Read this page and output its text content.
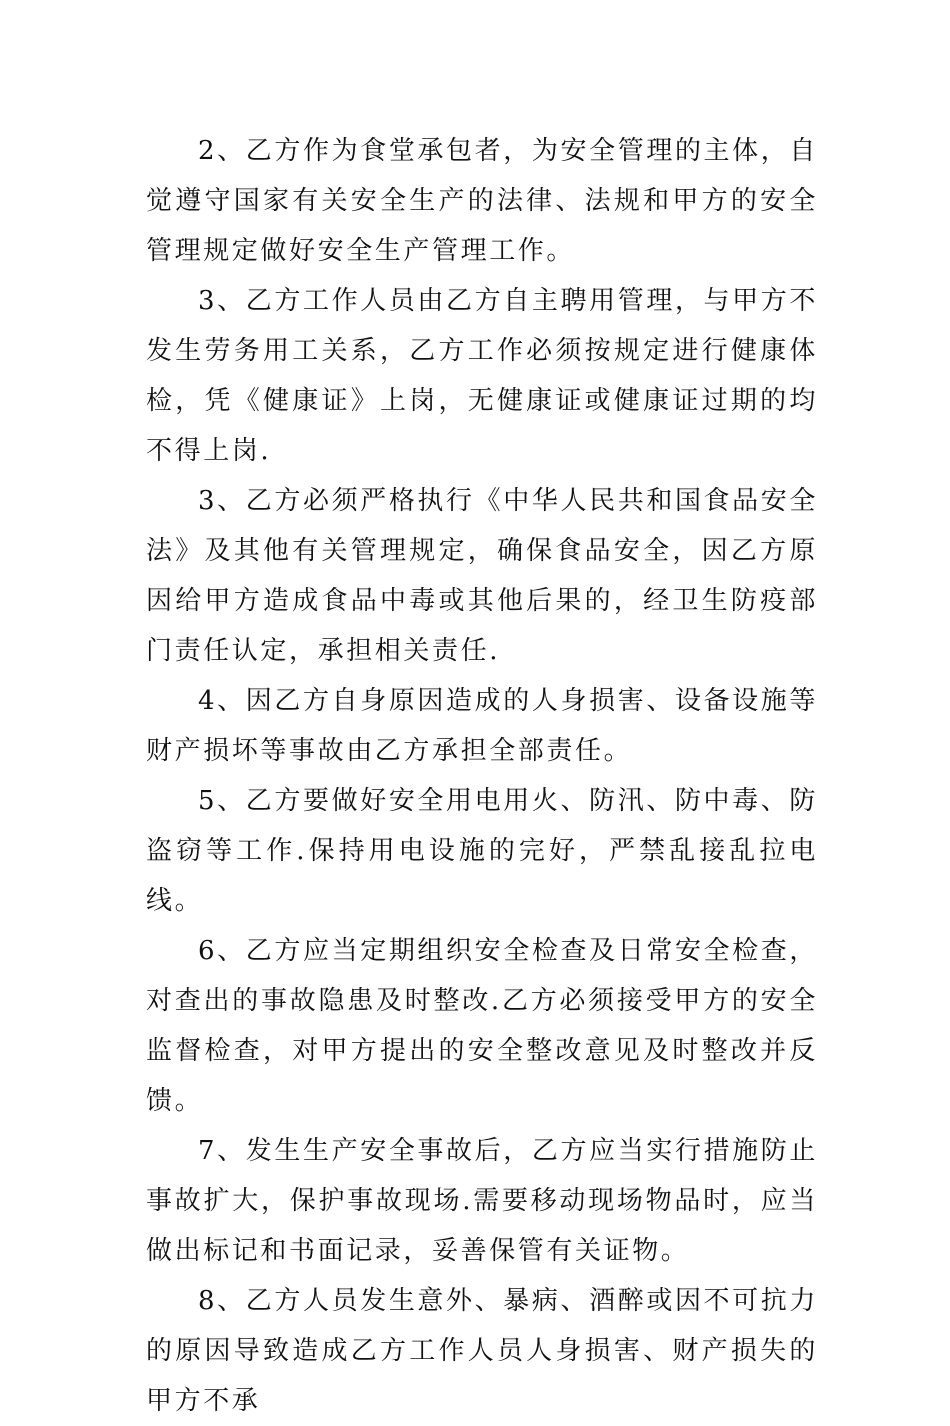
2、乙方作为食堂承包者，为安全管理的主体，自觉遵守国家有关安全生产的法律、法规和甲方的安全管理规定做好安全生产管理工作。

3、乙方工作人员由乙方自主聘用管理，与甲方不发生劳务用工关系，乙方工作必须按规定进行健康体检，凭《健康证》上岗，无健康证或健康证过期的均不得上岗.

3、乙方必须严格执行《中华人民共和国食品安全法》及其他有关管理规定，确保食品安全，因乙方原因给甲方造成食品中毒或其他后果的，经卫生防疫部门责任认定，承担相关责任.

4、因乙方自身原因造成的人身损害、设备设施等财产损坏等事故由乙方承担全部责任。

5、乙方要做好安全用电用火、防汛、防中毒、防盗窃等工作.保持用电设施的完好，严禁乱接乱拉电线。

6、乙方应当定期组织安全检查及日常安全检查，对查出的事故隐患及时整改.乙方必须接受甲方的安全监督检查，对甲方提出的安全整改意见及时整改并反馈。

7、发生生产安全事故后，乙方应当实行措施防止事故扩大，保护事故现场.需要移动现场物品时，应当做出标记和书面记录，妥善保管有关证物。

8、乙方人员发生意外、暴病、酒醉或因不可抗力的原因导致造成乙方工作人员人身损害、财产损失的甲方不承
